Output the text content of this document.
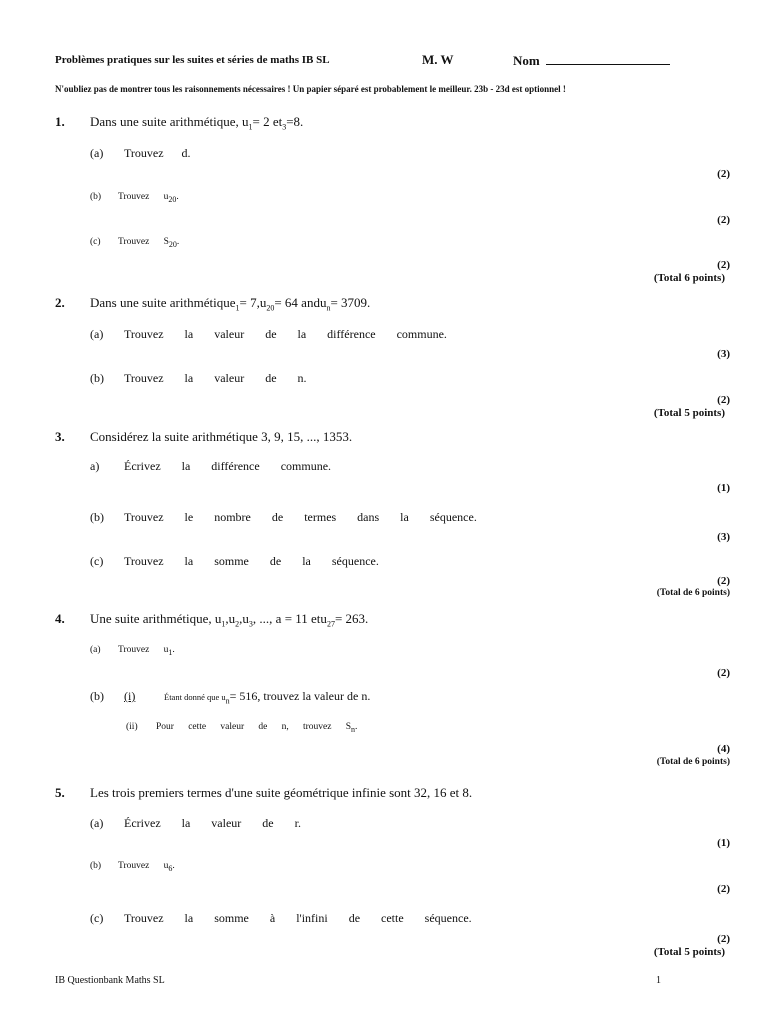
Problèmes pratiques sur les suites et séries de maths IB SL	M. W	Nom
N'oubliez pas de montrer tous les raisonnements nécessaires ! Un papier séparé est probablement le meilleur. 23b - 23d est optionnel !
1. Dans une suite arithmétique, $u_1= 2$ $et_3=8$.
(a) Trouvez      d.
(2)
(b) Trouvez      $u_{20}$.
(2)
(c) Trouvez      $S_{20}$.
(2)
(Total 6 points)
2. Dans une suite arithmétique$_1$= $7,u_{20}= 64$ andu$_n$= 3709.
(a) Trouvez       la       valeur       de       la       différence       commune.
(3)
(b) Trouvez       la       valeur       de       n.
(2)
(Total 5 points)
3. Considérez la suite arithmétique 3, 9, 15, ..., 1353.
a) Écrivez       la       différence       commune.
(1)
(b) Trouvez       le       nombre       de       termes       dans       la       séquence.
(3)
(c) Trouvez       la       somme       de       la       séquence.
(2)
(Total de 6 points)
4. Une suite arithmétique, $u_1,u_2,u_3$, ..., a = 11 etu$_{27}$= 263.
(a) Trouvez      $u_1$.
(2)
(b) (i)	Étant donné que $u_n= 516$, trouvez la valeur de n.
(ii) Pour      cette      valeur      de      n,      trouvez      $S_n$.
(4)
(Total de 6 points)
5. Les trois premiers termes d'une suite géométrique infinie sont 32, 16 et 8.
(a) Écrivez       la       valeur       de       r.
(1)
(b) Trouvez      $u_6$.
(2)
(c) Trouvez       la       somme       à       l'infini       de       cette       séquence.
(2)
(Total 5 points)
IB Questionbank Maths SL	1
